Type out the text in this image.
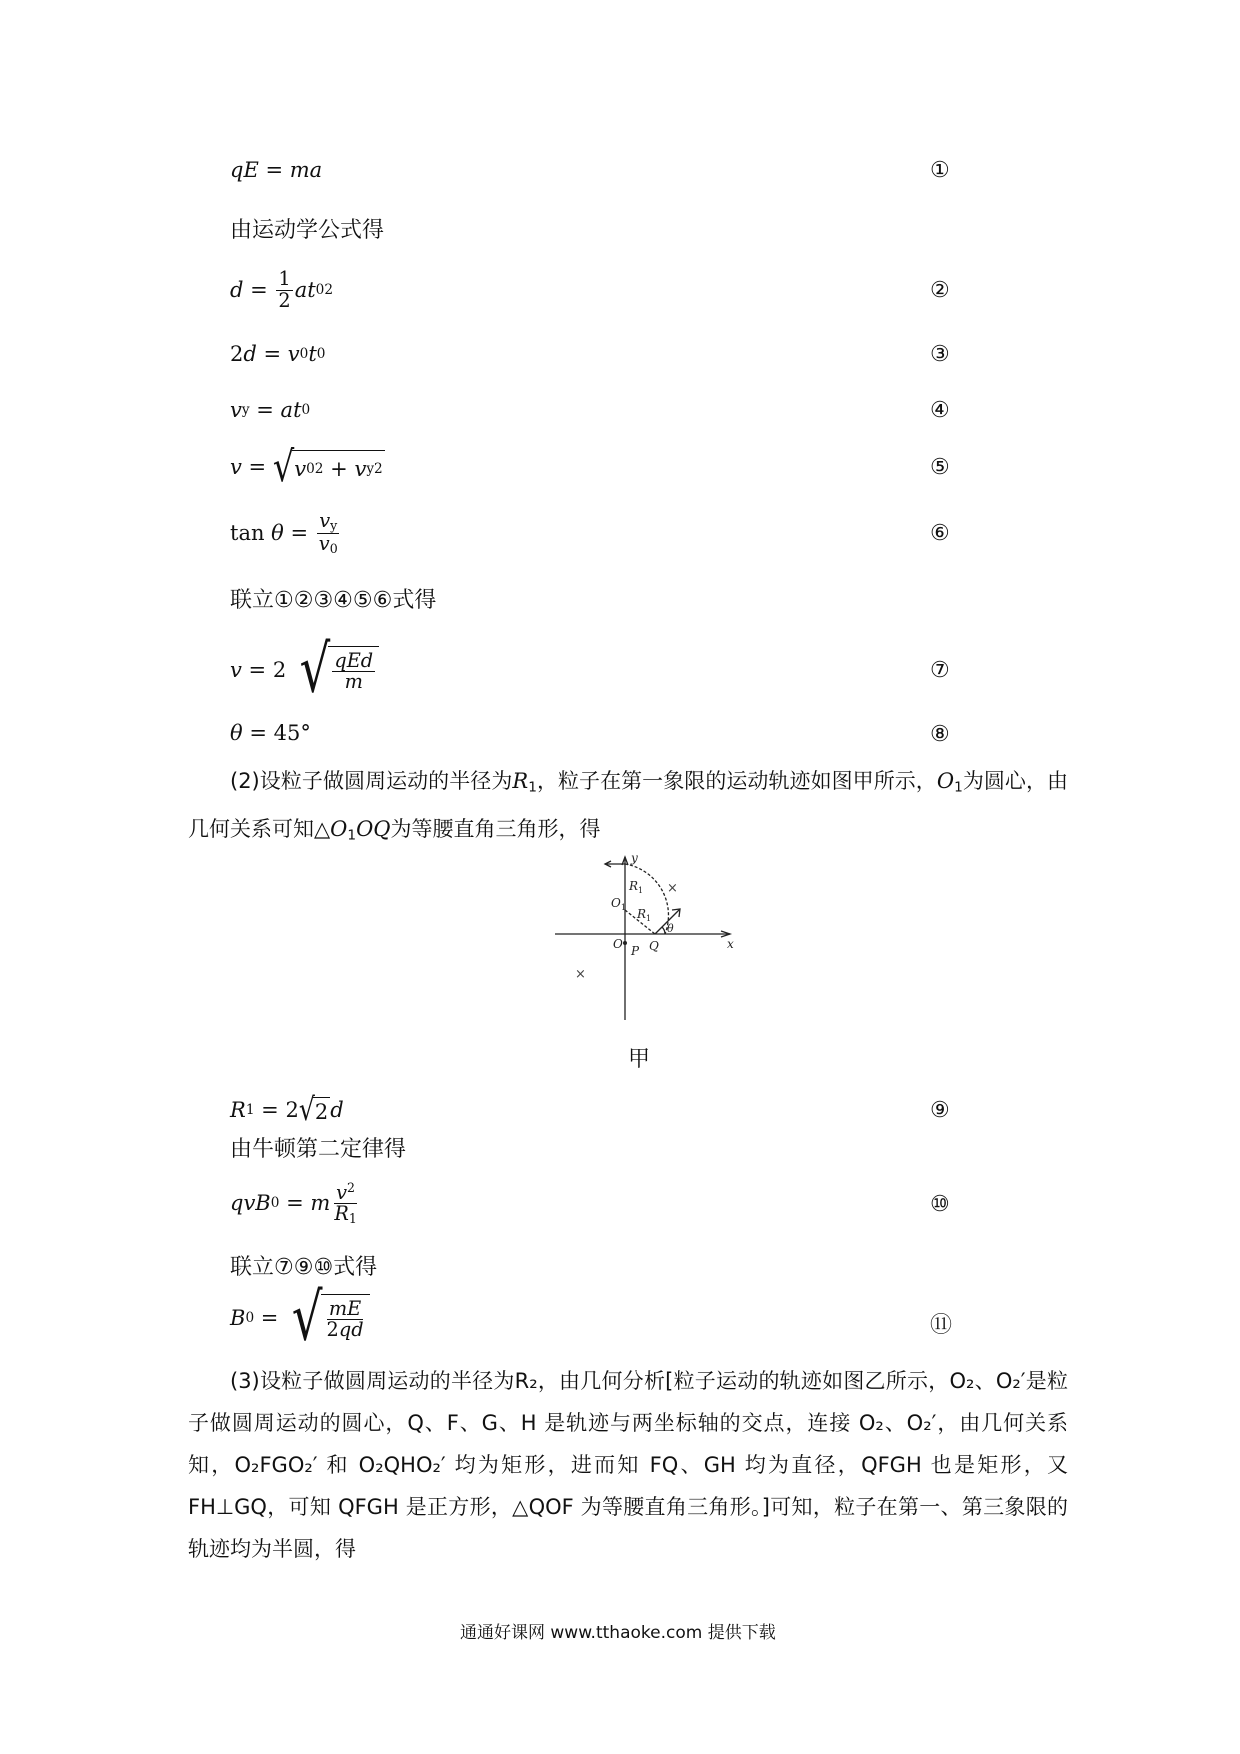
qE = ma	①
由运动学公式得
$d = \frac{1}{2}$ at 0 2	②
2 d = v 0 t 0	③
v y = at 0	④
v = √ v 0 2 + v y 2	⑤
$\tan \theta = \frac{v_y}{v_0}$	⑥
联立①②③④⑤⑥式得
v = 2 √ $\frac{\text{qEd}}{m}$	⑦
θ = 45°	⑧

(2)设粒子做圆周运动的半径为$R_1$，粒子在第一象限的运动轨迹如图甲所示，$O_1$为圆心，由几何关系可知$\triangle O_1OQ$为等腰直角三角形，得

y
x
O
$O_1$
$R_1$
$R_1$
Q
P
θ
×
×
甲
R 1 = 2 √ 2 d	⑨
由牛顿第二定律得
qvB 0 = m $\frac{v^2}{R_1}$	⑩
联立⑦⑨⑩式得
B 0 = √ $\frac{mE}{2qd}$	⑪

(3)设粒子做圆周运动的半径为R₂，由几何分析[粒子运动的轨迹如图乙所示，O₂、O₂′是粒子做圆周运动的圆心，Q、F、G、H 是轨迹与两坐标轴的交点，连接 O₂、O₂′，由几何关系知，O₂FGO₂′ 和 O₂QHO₂′ 均为矩形，进而知 FQ、GH 均为直径，QFGH 也是矩形，又 FH⊥GQ，可知 QFGH 是正方形，△QOF 为等腰直角三角形。]可知，粒子在第一、第三象限的轨迹均为半圆，得

通通好课网 www.tthaoke.com 提供下载
